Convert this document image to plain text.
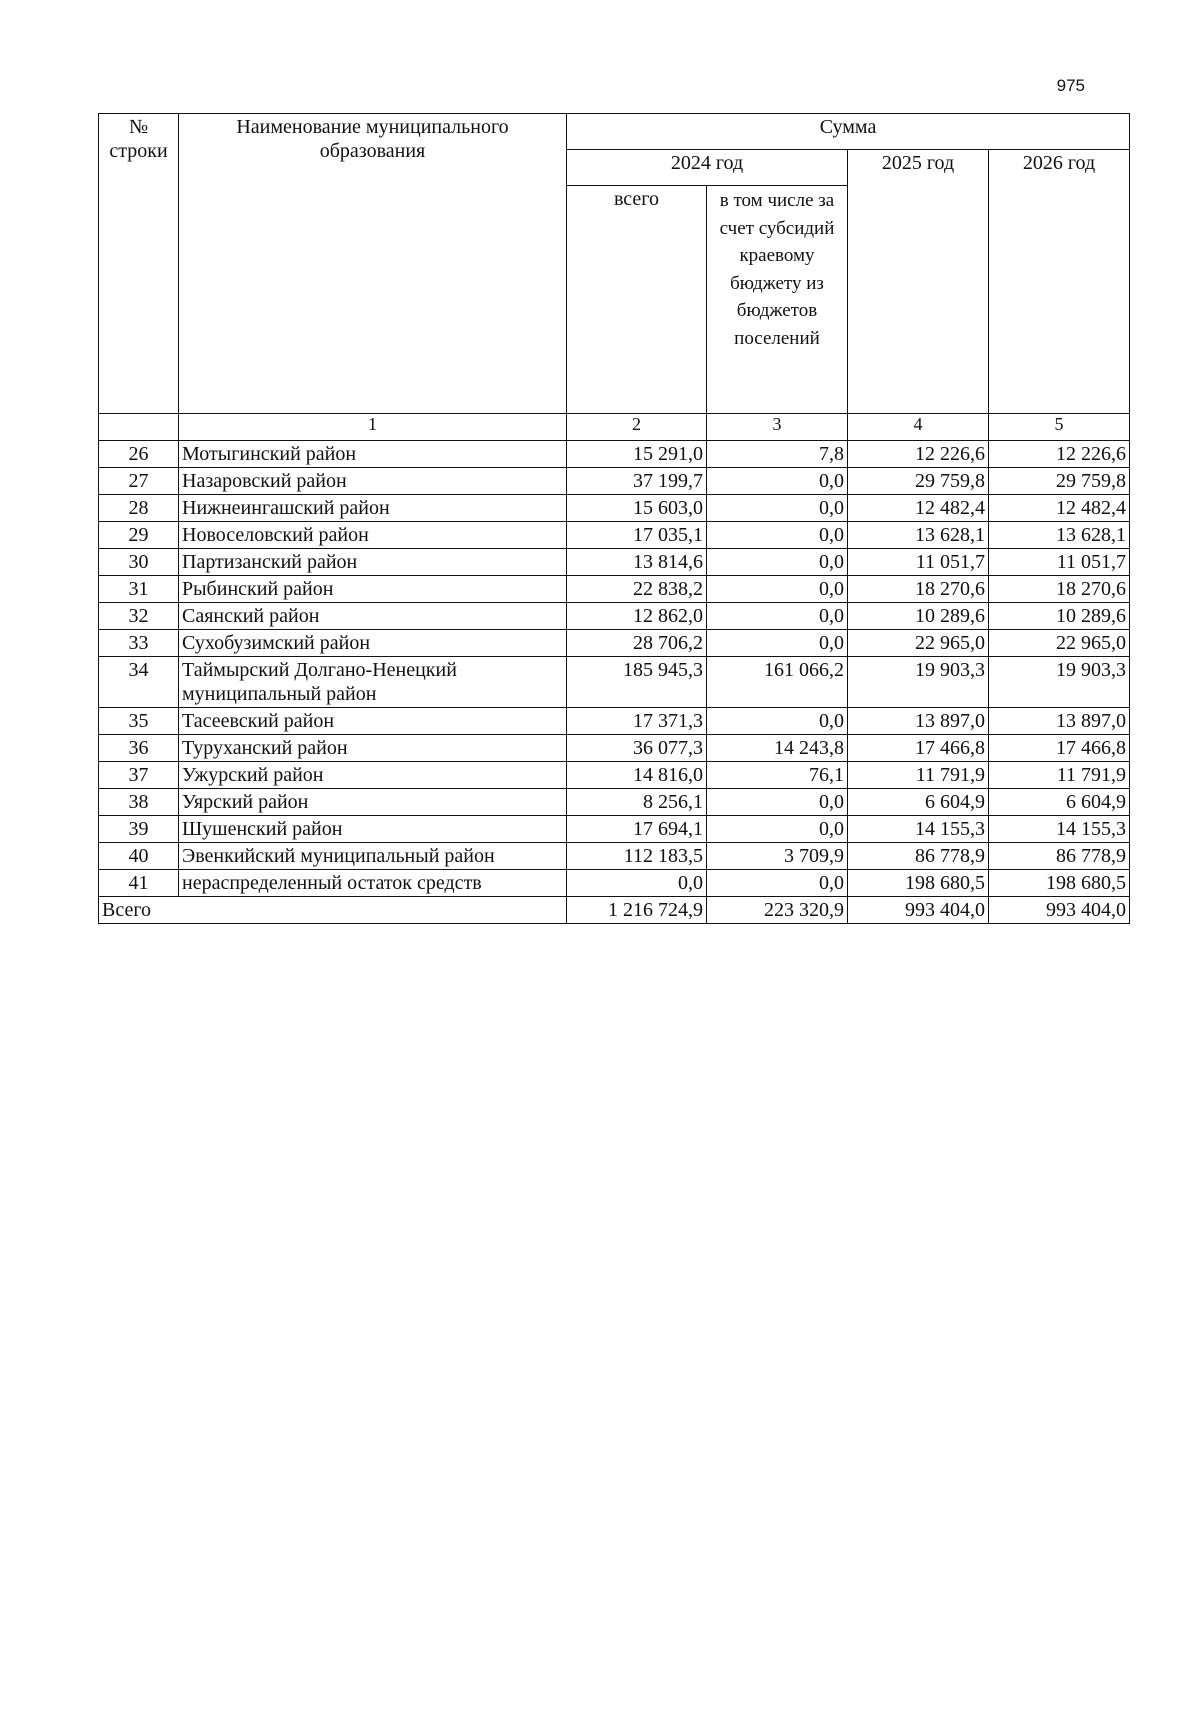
975
№ строки	Наименование муниципального образования	Сумма			
		2024 год		2025 год	2026 год
		всего	в том числе за счет субсидий краевому бюджету из бюджетов поселений		
	1	2	3	4	5
26	Мотыгинский район	15 291,0	7,8	12 226,6	12 226,6
27	Назаровский район	37 199,7	0,0	29 759,8	29 759,8
28	Нижнеингашский район	15 603,0	0,0	12 482,4	12 482,4
29	Новоселовский район	17 035,1	0,0	13 628,1	13 628,1
30	Партизанский район	13 814,6	0,0	11 051,7	11 051,7
31	Рыбинский район	22 838,2	0,0	18 270,6	18 270,6
32	Саянский район	12 862,0	0,0	10 289,6	10 289,6
33	Сухобузимский район	28 706,2	0,0	22 965,0	22 965,0
34	Таймырский Долгано-Ненецкий муниципальный район	185 945,3	161 066,2	19 903,3	19 903,3
35	Тасеевский район	17 371,3	0,0	13 897,0	13 897,0
36	Туруханский район	36 077,3	14 243,8	17 466,8	17 466,8
37	Ужурский район	14 816,0	76,1	11 791,9	11 791,9
38	Уярский район	8 256,1	0,0	6 604,9	6 604,9
39	Шушенский район	17 694,1	0,0	14 155,3	14 155,3
40	Эвенкийский муниципальный район	112 183,5	3 709,9	86 778,9	86 778,9
41	нераспределенный остаток средств	0,0	0,0	198 680,5	198 680,5
Всего		1 216 724,9	223 320,9	993 404,0	993 404,0
